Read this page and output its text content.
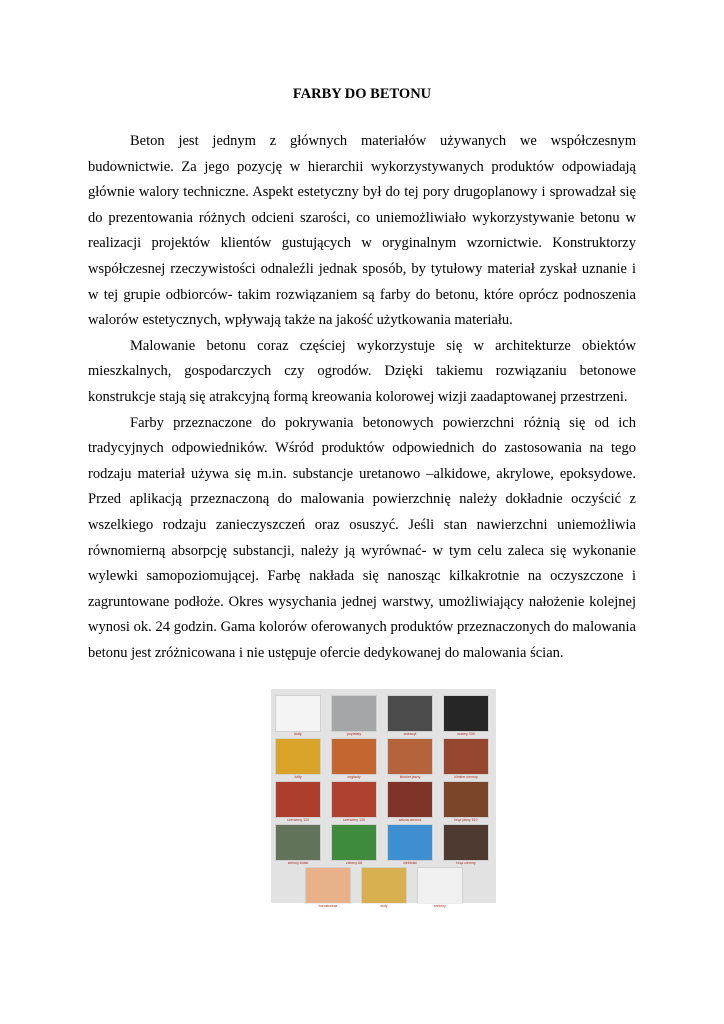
FARBY DO BETONU

Beton jest jednym z głównych materiałów używanych we współczesnym budownictwie. Za jego pozycję w hierarchii wykorzystywanych produktów odpowiadają głównie walory techniczne. Aspekt estetyczny był do tej pory drugoplanowy i sprowadzał się do prezentowania różnych odcieni szarości, co uniemożliwiało wykorzystywanie betonu w realizacji projektów klientów gustujących w oryginalnym wzornictwie. Konstruktorzy współczesnej rzeczywistości odnaleźli jednak sposób, by tytułowy materiał zyskał uznanie i w tej grupie odbiorców- takim rozwiązaniem są farby do betonu, które oprócz podnoszenia walorów estetycznych, wpływają także na jakość użytkowania materiału.

Malowanie betonu coraz częściej wykorzystuje się w architekturze obiektów mieszkalnych, gospodarczych czy ogrodów. Dzięki takiemu rozwiązaniu betonowe konstrukcje stają się atrakcyjną formą kreowania kolorowej wizji zaadaptowanej przestrzeni.

Farby przeznaczone do pokrywania betonowych powierzchni różnią się od ich tradycyjnych odpowiedników. Wśród produktów odpowiednich do zastosowania na tego rodzaju materiał używa się m.in. substancje uretanowo –alkidowe, akrylowe, epoksydowe. Przed aplikacją przeznaczoną do malowania powierzchnię należy dokładnie oczyścić z wszelkiego rodzaju zanieczyszczeń oraz osuszyć. Jeśli stan nawierzchni uniemożliwia równomierną absorpcję substancji, należy ją wyrównać- w tym celu zaleca się wykonanie wylewki samopoziomującej. Farbę nakłada się nanosząc kilkakrotnie na oczyszczone i zagruntowane podłoże. Okres wysychania jednej warstwy, umożliwiający nałożenie kolejnej wynosi ok. 24 godzin. Gama kolorów oferowanych produktów przeznaczonych do malowania betonu jest zróżnicowana i nie ustępuje ofercie dedykowanej do malowania ścian.

biały	popielaty	antracyt	czarny 330
żółty	ceglasty	klinkier jasny	klinkier ciemny
czerwony 110	czerwony 130	wiśnia ciemna	brąz jasny 610
zielony khaki	zielony 68	niebieski	brąz ciemny
brzoskwinia	złoty	srebrny
